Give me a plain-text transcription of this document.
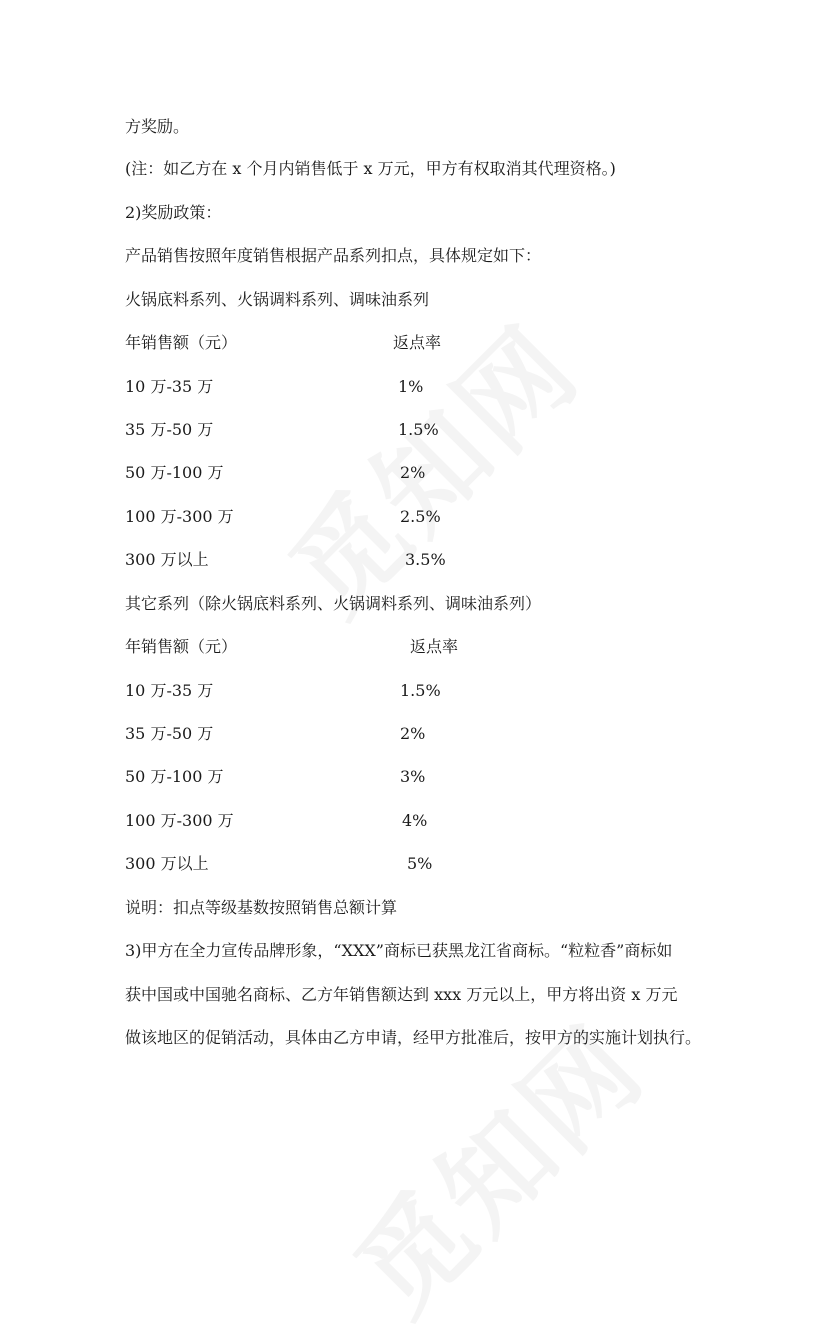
方奖励。
(注：如乙方在 x 个月内销售低于 x 万元，甲方有权取消其代理资格。)
2)奖励政策：
产品销售按照年度销售根据产品系列扣点，具体规定如下：
火锅底料系列、火锅调料系列、调味油系列
年销售额（元）	返点率
10 万-35 万	1%
35 万-50 万	1.5%
50 万-100 万	2%
100 万-300 万	2.5%
300 万以上	3.5%
其它系列（除火锅底料系列、火锅调料系列、调味油系列）
年销售额（元）	返点率
10 万-35 万	1.5%
35 万-50 万	2%
50 万-100 万	3%
100 万-300 万	4%
300 万以上	5%
说明：扣点等级基数按照销售总额计算
3)甲方在全力宣传品牌形象，“XXX”商标已获黑龙江省商标。“粒粒香”商标如
获中国或中国驰名商标、乙方年销售额达到 xxx 万元以上，甲方将出资 x 万元
做该地区的促销活动，具体由乙方申请，经甲方批准后，按甲方的实施计划执行。
